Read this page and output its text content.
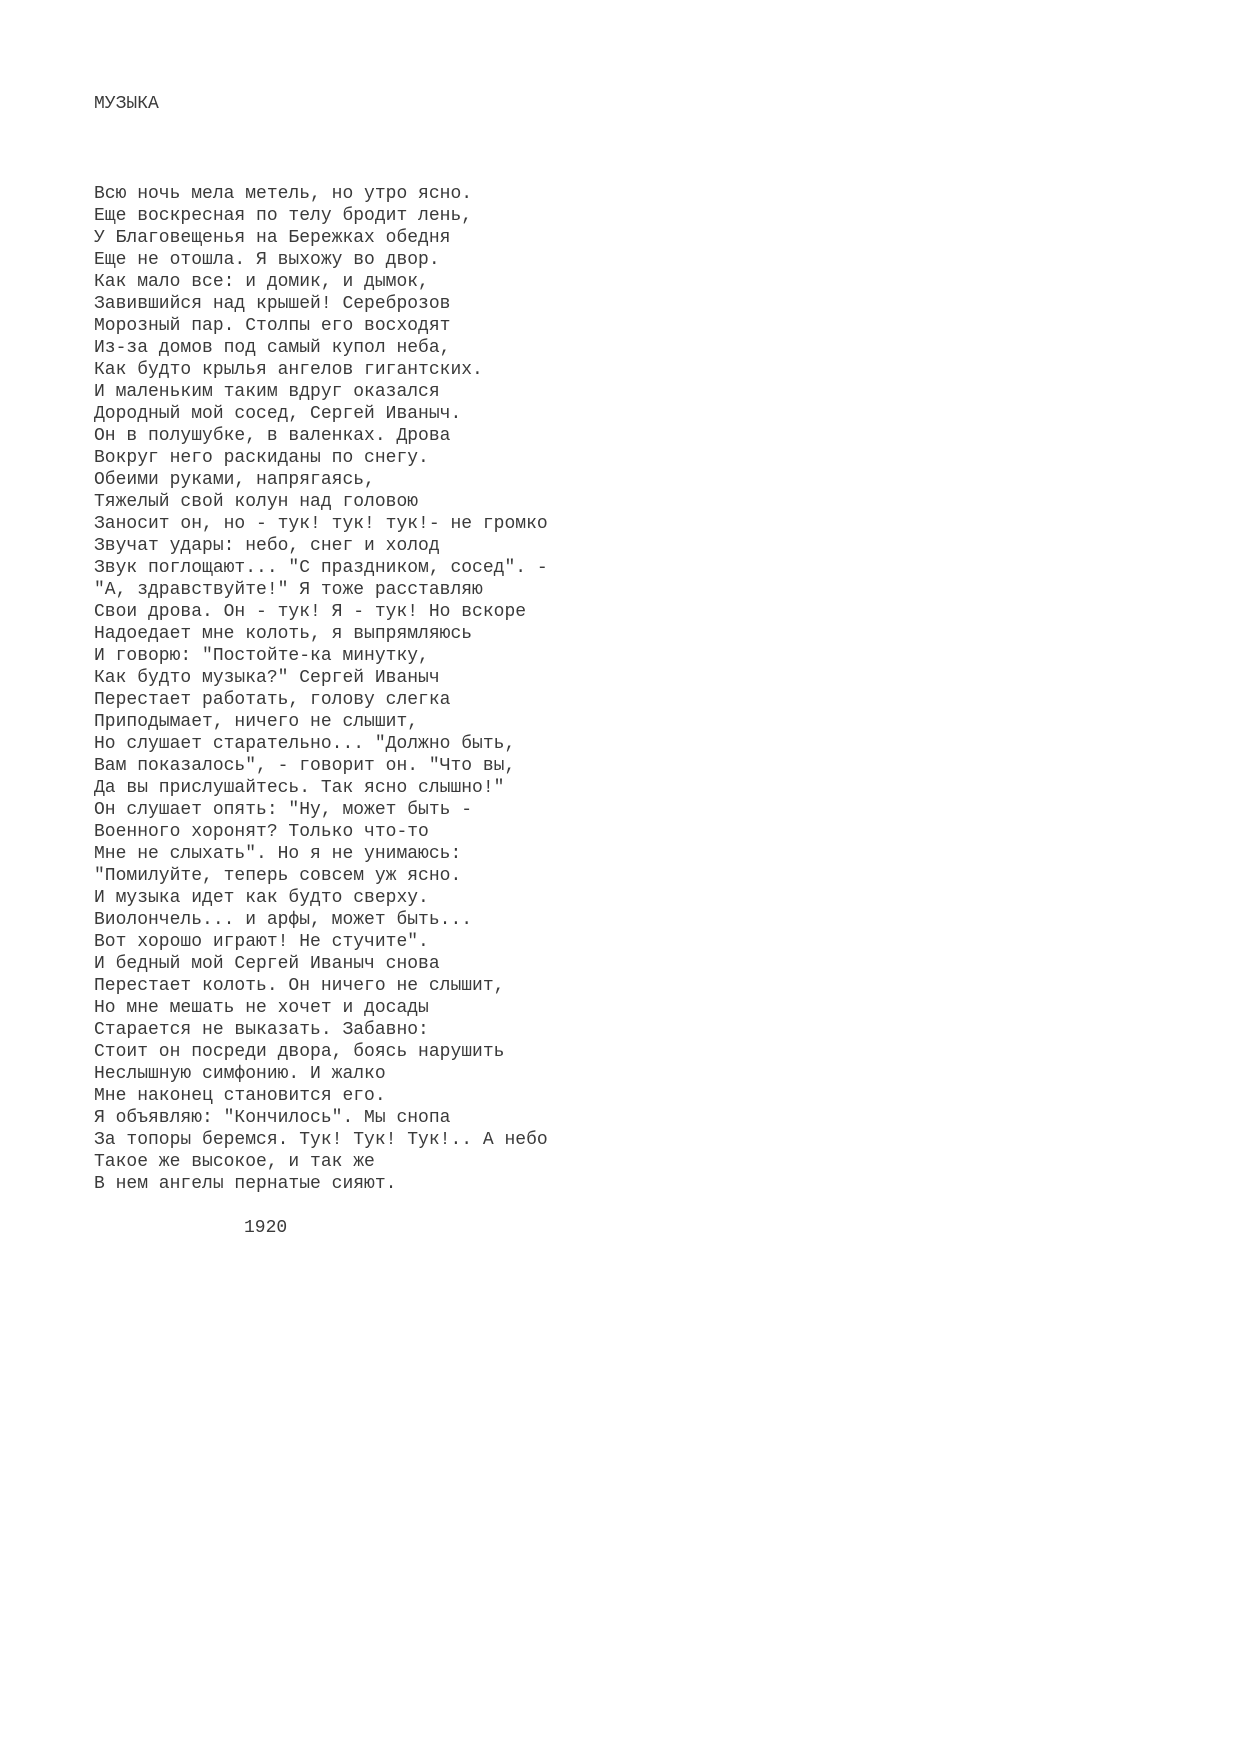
МУЗЫКА
Всю ночь мела метель, но утро ясно.
Еще воскресная по телу бродит лень,
У Благовещенья на Бережках обедня
Еще не отошла. Я выхожу во двор.
Как мало все: и домик, и дымок,
Завившийся над крышей! Сереброзов
Морозный пар. Столпы его восходят
Из-за домов под самый купол неба,
Как будто крылья ангелов гигантских.
И маленьким таким вдруг оказался
Дородный мой сосед, Сергей Иваныч.
Он в полушубке, в валенках. Дрова
Вокруг него раскиданы по снегу.
Обеими руками, напрягаясь,
Тяжелый свой колун над головою
Заносит он, но - тук! тук! тук!- не громко
Звучат удары: небо, снег и холод
Звук поглощают... "С праздником, сосед". -
"А, здравствуйте!" Я тоже расставляю
Свои дрова. Он - тук! Я - тук! Но вскоре
Надоедает мне колоть, я выпрямляюсь
И говорю: "Постойте-ка минутку,
Как будто музыка?" Сергей Иваныч
Перестает работать, голову слегка
Приподымает, ничего не слышит,
Но слушает старательно... "Должно быть,
Вам показалось", - говорит он. "Что вы,
Да вы прислушайтесь. Так ясно слышно!"
Он слушает опять: "Ну, может быть -
Военного хоронят? Только что-то
Мне не слыхать". Но я не унимаюсь:
"Помилуйте, теперь совсем уж ясно.
И музыка идет как будто сверху.
Виолончель... и арфы, может быть...
Вот хорошо играют! Не стучите".
И бедный мой Сергей Иваныч снова
Перестает колоть. Он ничего не слышит,
Но мне мешать не хочет и досады
Старается не выказать. Забавно:
Стоит он посреди двора, боясь нарушить
Неслышную симфонию. И жалко
Мне наконец становится его.
Я объявляю: "Кончилось". Мы снопа
За топоры беремся. Тук! Тук! Тук!.. А небо
Такое же высокое, и так же
В нем ангелы пернатые сияют.
1920
